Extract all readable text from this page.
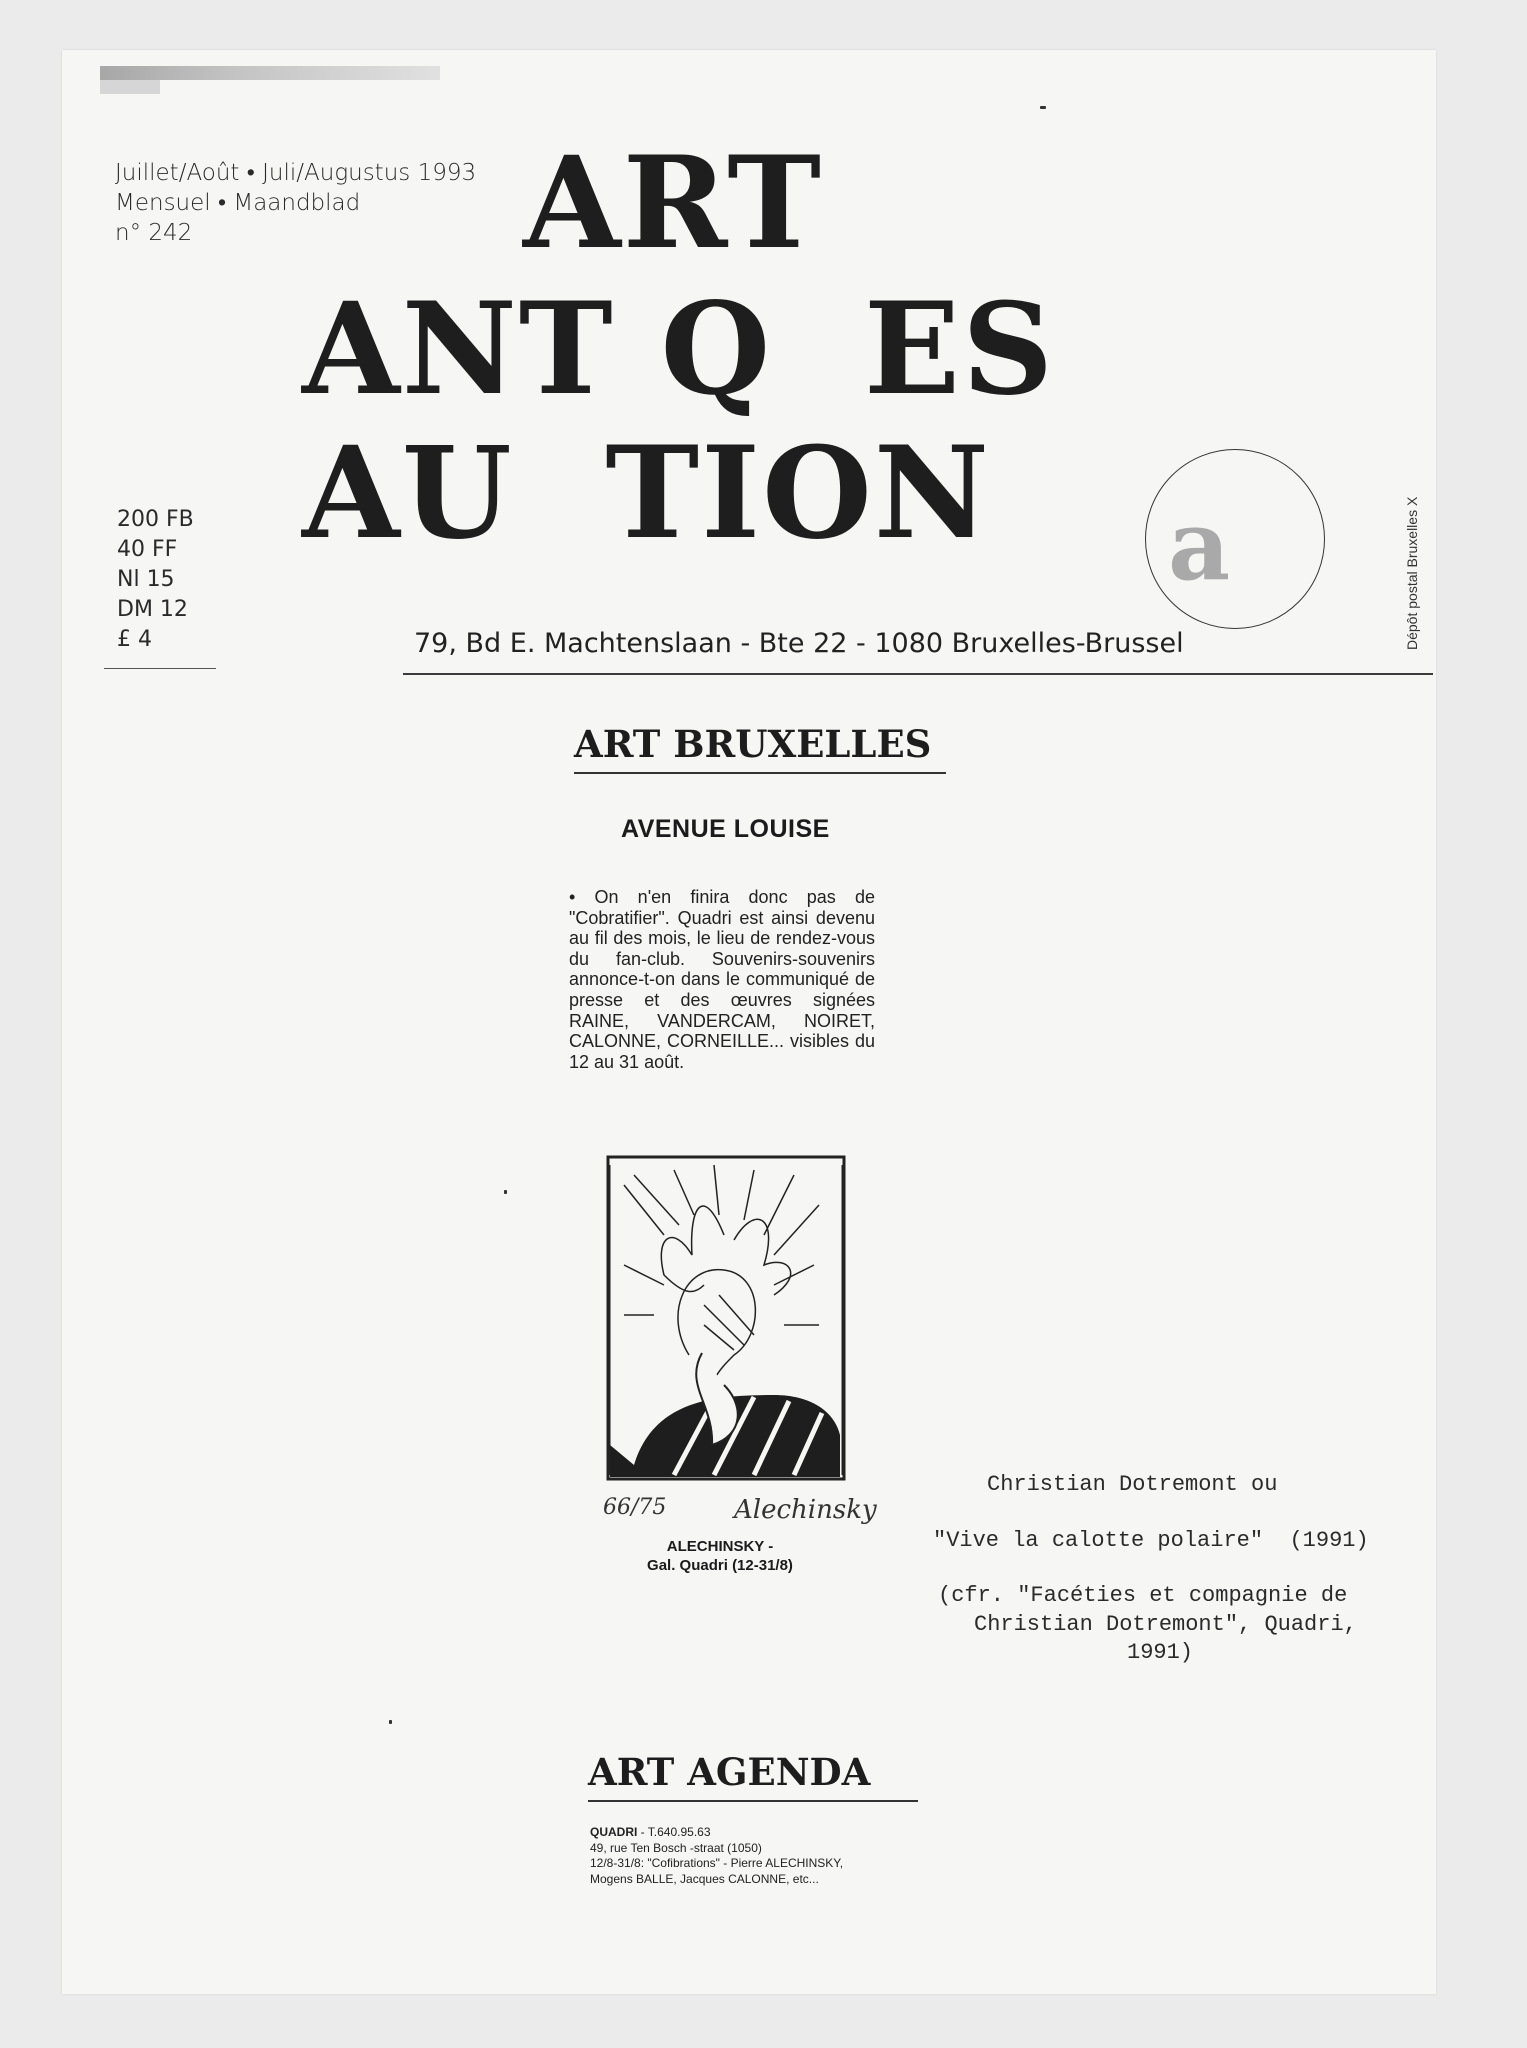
Juillet/Août • Juli/Augustus 1993
Mensuel • Maandblad
n° 242
200 FB
40 FF
Nl 15
DM 12
£ 4
ART
ANT Q  ES
AU  TION a
79, Bd E. Machtenslaan - Bte 22 - 1080 Bruxelles-Brussel	Dépôt postal Bruxelles X
ART BRUXELLES
AVENUE LOUISE
• On n'en finira donc pas de "Cobratifier". Quadri est ainsi devenu au fil des mois, le lieu de rendez-vous du fan-club. Souvenirs-souvenirs annonce-t-on dans le communiqué de presse et des œuvres signées RAINE, VANDERCAM, NOIRET, CALONNE, CORNEILLE... visibles du 12 au 31 août.
66/75	Alechinsky
ALECHINSKY -
Gal. Quadri (12-31/8)
Christian Dotremont ou
"Vive la calotte polaire"  (1991)
(cfr. "Facéties et compagnie de
Christian Dotremont", Quadri,
1991)
ART AGENDA
QUADRI - T.640.95.63
49, rue Ten Bosch -straat (1050)
12/8-31/8: "Cofibrations" - Pierre ALECHINSKY,
Mogens BALLE, Jacques CALONNE, etc...
